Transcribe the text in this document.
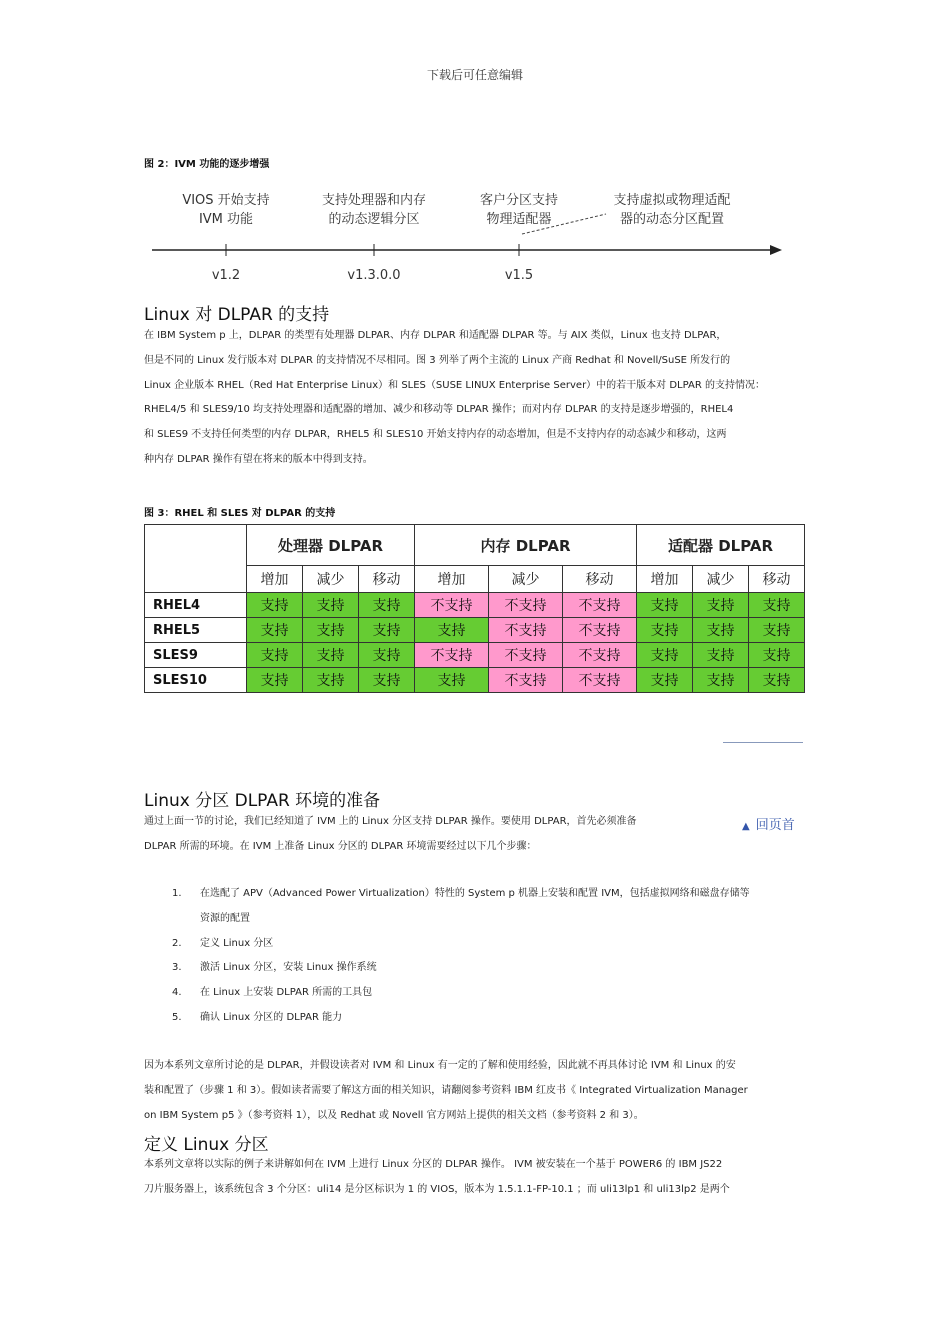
下载后可任意编辑
图 2：IVM 功能的逐步增强
VIOS 开始支持
IVM 功能
v1.2
支持处理器和内存
的动态逻辑分区
v1.3.0.0
客户分区支持
物理适配器
v1.5
支持虚拟或物理适配
器的动态分区配置
Linux 对 DLPAR 的支持
在 IBM System p 上，DLPAR 的类型有处理器 DLPAR、内存 DLPAR 和适配器 DLPAR 等。与 AIX 类似，Linux 也支持 DLPAR，
但是不同的 Linux 发行版本对 DLPAR 的支持情况不尽相同。图 3 列举了两个主流的 Linux 产商 Redhat 和 Novell/SuSE 所发行的
Linux 企业版本 RHEL（Red Hat Enterprise Linux）和 SLES（SUSE LINUX Enterprise Server）中的若干版本对 DLPAR 的支持情况：
RHEL4/5 和 SLES9/10 均支持处理器和适配器的增加、减少和移动等 DLPAR 操作；而对内存 DLPAR 的支持是逐步增强的，RHEL4
和 SLES9 不支持任何类型的内存 DLPAR，RHEL5 和 SLES10 开始支持内存的动态增加，但是不支持内存的动态减少和移动，这两
种内存 DLPAR 操作有望在将来的版本中得到支持。
图 3：RHEL 和 SLES 对 DLPAR 的支持
	处理器 DLPAR			内存 DLPAR			适配器 DLPAR		
	增加	减少	移动	增加	减少	移动	增加	减少	移动
RHEL4	支持	支持	支持	不支持	不支持	不支持	支持	支持	支持
RHEL5	支持	支持	支持	支持	不支持	不支持	支持	支持	支持
SLES9	支持	支持	支持	不支持	不支持	不支持	支持	支持	支持
SLES10	支持	支持	支持	支持	不支持	不支持	支持	支持	支持
Linux 分区 DLPAR 环境的准备
▲ 回页首
通过上面一节的讨论，我们已经知道了 IVM 上的 Linux 分区支持 DLPAR 操作。要使用 DLPAR，首先必须准备
DLPAR 所需的环境。在 IVM 上准备 Linux 分区的 DLPAR 环境需要经过以下几个步骤：
1. 在选配了 APV（Advanced Power Virtualization）特性的 System p 机器上安装和配置 IVM，包括虚拟网络和磁盘存储等
资源的配置
2. 定义 Linux 分区
3. 激活 Linux 分区，安装 Linux 操作系统
4. 在 Linux 上安装 DLPAR 所需的工具包
5. 确认 Linux 分区的 DLPAR 能力
因为本系列文章所讨论的是 DLPAR，并假设读者对 IVM 和 Linux 有一定的了解和使用经验，因此就不再具体讨论 IVM 和 Linux 的安
装和配置了（步骤 1 和 3）。假如读者需要了解这方面的相关知识，请翻阅参考资料 IBM 红皮书《 Integrated Virtualization Manager
on IBM System p5 》（参考资料 1），以及 Redhat 或 Novell 官方网站上提供的相关文档（参考资料 2 和 3）。
定义 Linux 分区
本系列文章将以实际的例子来讲解如何在 IVM 上进行 Linux 分区的 DLPAR 操作。 IVM 被安装在一个基于 POWER6 的 IBM JS22
刀片服务器上，该系统包含 3 个分区：uli14 是分区标识为 1 的 VIOS，版本为 1.5.1.1-FP-10.1 ；而 uli13lp1 和 uli13lp2 是两个
